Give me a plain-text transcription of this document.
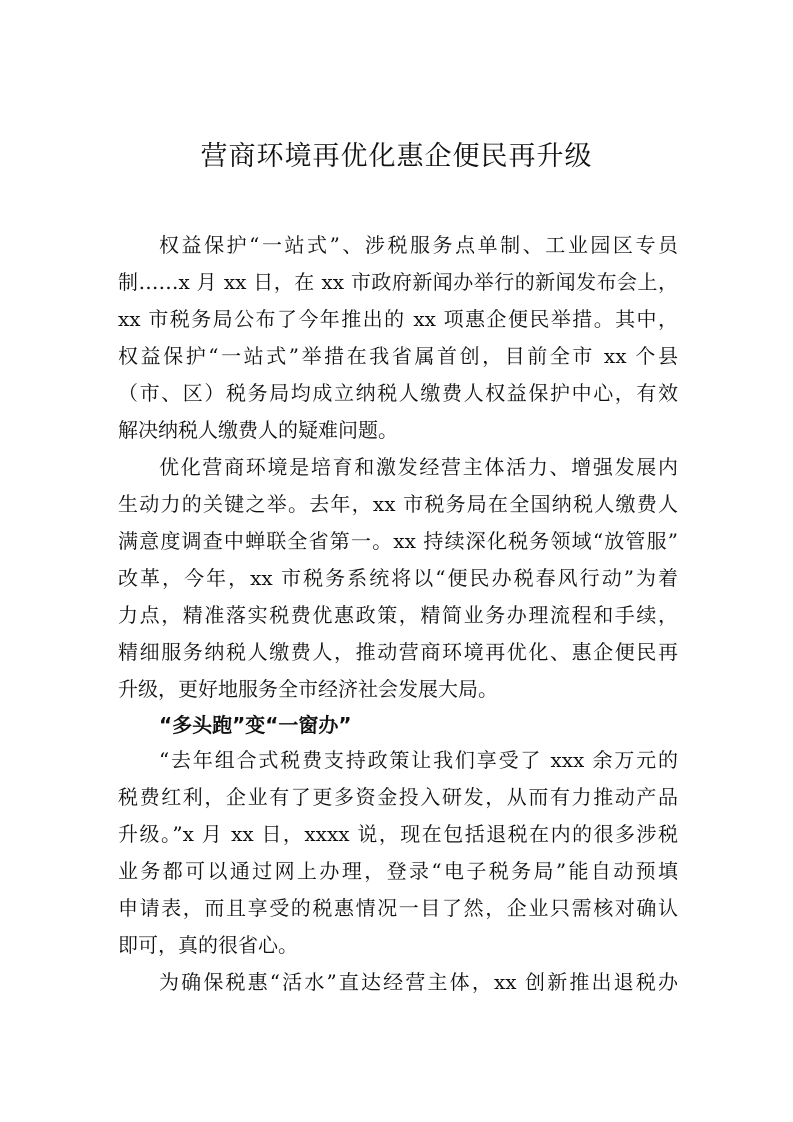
营商环境再优化惠企便民再升级
权益保护“一站式”、涉税服务点单制、工业园区专员
制……x 月 xx 日，在 xx 市政府新闻办举行的新闻发布会上，
xx 市税务局公布了今年推出的 xx 项惠企便民举措。其中，
权益保护“一站式”举措在我省属首创，目前全市 xx 个县
（市、区）税务局均成立纳税人缴费人权益保护中心，有效
解决纳税人缴费人的疑难问题。
优化营商环境是培育和激发经营主体活力、增强发展内
生动力的关键之举。去年，xx 市税务局在全国纳税人缴费人
满意度调查中蝉联全省第一。xx 持续深化税务领域“放管服”
改革，今年，xx 市税务系统将以“便民办税春风行动”为着
力点，精准落实税费优惠政策，精简业务办理流程和手续，
精细服务纳税人缴费人，推动营商环境再优化、惠企便民再
升级，更好地服务全市经济社会发展大局。
“多头跑”变“一窗办”
“去年组合式税费支持政策让我们享受了 xxx 余万元的
税费红利，企业有了更多资金投入研发，从而有力推动产品
升级。”x 月 xx 日，xxxx 说，现在包括退税在内的很多涉税
业务都可以通过网上办理，登录“电子税务局”能自动预填
申请表，而且享受的税惠情况一目了然，企业只需核对确认
即可，真的很省心。
为确保税惠“活水”直达经营主体，xx 创新推出退税办
